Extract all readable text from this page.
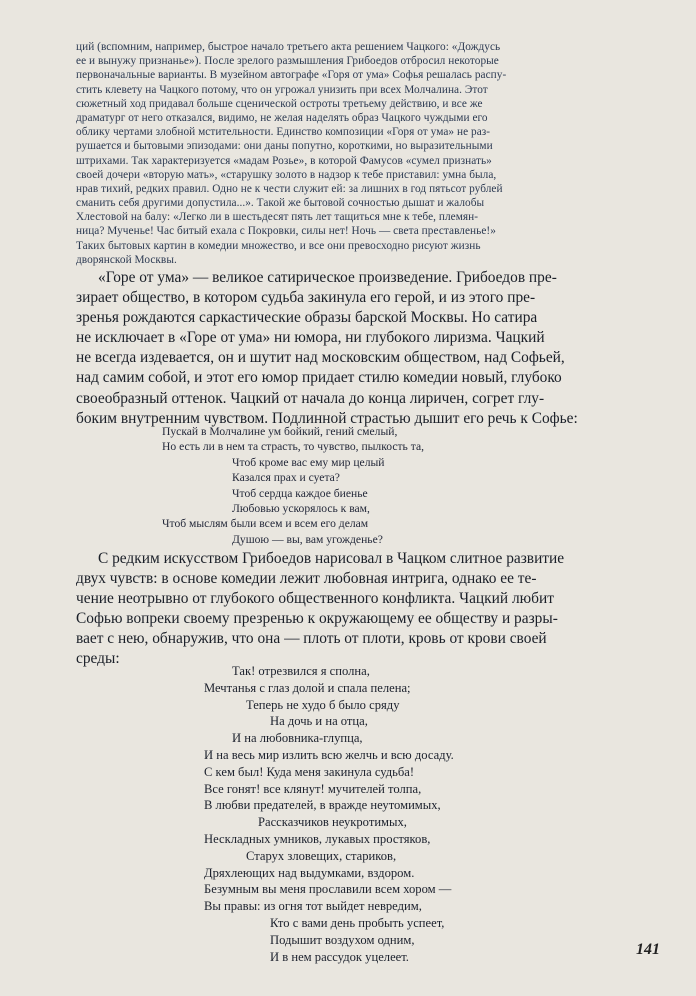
ций (вспомним, например, быстрое начало третьего акта решением Чацкого: «Дождусь
ее и вынужу признанье»). После зрелого размышления Грибоедов отбросил некоторые
первоначальные варианты. В музейном автографе «Горя от ума» Софья решалась распу-
стить клевету на Чацкого потому, что он угрожал унизить при всех Молчалина. Этот
сюжетный ход придавал больше сценической остроты третьему действию, и все же
драматург от него отказался, видимо, не желая наделять образ Чацкого чуждыми его
облику чертами злобной мстительности. Единство композиции «Горя от ума» не раз-
рушается и бытовыми эпизодами: они даны попутно, короткими, но выразительными
штрихами. Так характеризуется «мадам Розье», в которой Фамусов «сумел признать»
своей дочери «вторую мать», «старушку золото в надзор к тебе приставил: умна была,
нрав тихий, редких правил. Одно не к чести служит ей: за лишних в год пятьсот рублей
сманить себя другими допустила...». Такой же бытовой сочностью дышат и жалобы
Хлестовой на балу: «Легко ли в шестьдесят пять лет тащиться мне к тебе, племян-
ница? Мученье! Час битый ехала с Покровки, силы нет! Ночь — света преставленье!»
Таких бытовых картин в комедии множество, и все они превосходно рисуют жизнь
дворянской Москвы.
«Горе от ума» — великое сатирическое произведение. Грибоедов пре-
зирает общество, в котором судьба закинула его герой, и из этого пре-
зренья рождаются саркастические образы барской Москвы. Но сатира
не исключает в «Горе от ума» ни юмора, ни глубокого лиризма. Чацкий
не всегда издевается, он и шутит над московским обществом, над Софьей,
над самим собой, и этот его юмор придает стилю комедии новый, глубоко
своеобразный оттенок. Чацкий от начала до конца лиричен, согрет глу-
боким внутренним чувством. Подлинной страстью дышит его речь к Софье:
Пускай в Молчалине ум бойкий, гений смелый,
Но есть ли в нем та страсть, то чувство, пылкость та,
Чтоб кроме вас ему мир целый
Казался прах и суета?
Чтоб сердца каждое биенье
Любовью ускорялось к вам,
Чтоб мыслям были всем и всем его делам
Душою — вы, вам угожденье?
С редким искусством Грибоедов нарисовал в Чацком слитное развитие
двух чувств: в основе комедии лежит любовная интрига, однако ее те-
чение неотрывно от глубокого общественного конфликта. Чацкий любит
Софью вопреки своему презренью к окружающему ее обществу и разры-
вает с нею, обнаружив, что она — плоть от плоти, кровь от крови своей
среды:
Так! отрезвился я сполна,
Мечтанья с глаз долой и спала пелена;
Теперь не худо б было сряду
На дочь и на отца,
И на любовника-глупца,
И на весь мир излить всю желчь и всю досаду.
С кем был! Куда меня закинула судьба!
Все гонят! все клянут! мучителей толпа,
В любви предателей, в вражде неутомимых,
Рассказчиков неукротимых,
Нескладных умников, лукавых простяков,
Старух зловещих, стариков,
Дряхлеющих над выдумками, вздором.
Безумным вы меня прославили всем хором —
Вы правы: из огня тот выйдет невредим,
Кто с вами день пробыть успеет,
Подышит воздухом одним,
И в нем рассудок уцелеет.	141
